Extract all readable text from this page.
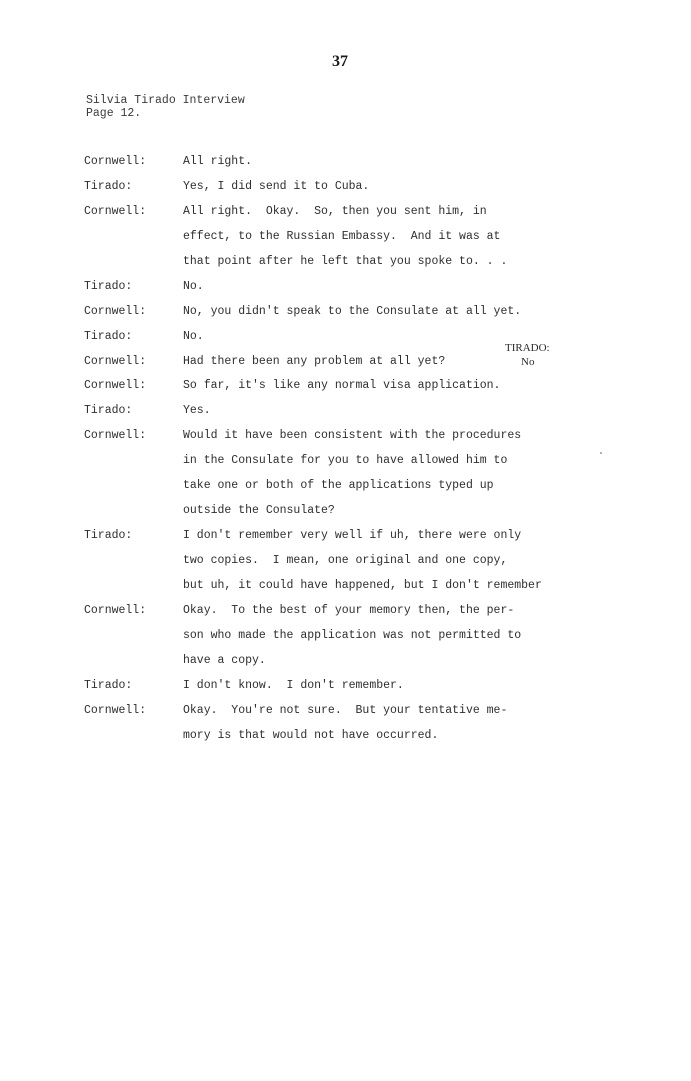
37
Silvia Tirado Interview
Page 12.
Cornwell:	All right.
Tirado:	Yes, I did send it to Cuba.
Cornwell:	All right.  Okay.  So, then you sent him, in
effect, to the Russian Embassy.  And it was at
that point after he left that you spoke to. . .
Tirado:	No.
Cornwell:	No, you didn't speak to the Consulate at all yet.
Tirado:	No.
Cornwell:	Had there been any problem at all yet?
Cornwell:	So far, it's like any normal visa application.
Tirado:	Yes.
Cornwell:	Would it have been consistent with the procedures
in the Consulate for you to have allowed him to
take one or both of the applications typed up
outside the Consulate?
Tirado:	I don't remember very well if uh, there were only
two copies.  I mean, one original and one copy,
but uh, it could have happened, but I don't remember
Cornwell:	Okay.  To the best of your memory then, the per-
son who made the application was not permitted to
have a copy.
Tirado:	I don't know.  I don't remember.
Cornwell:	Okay.  You're not sure.  But your tentative me-
mory is that would not have occurred.
TIRADO:
No
